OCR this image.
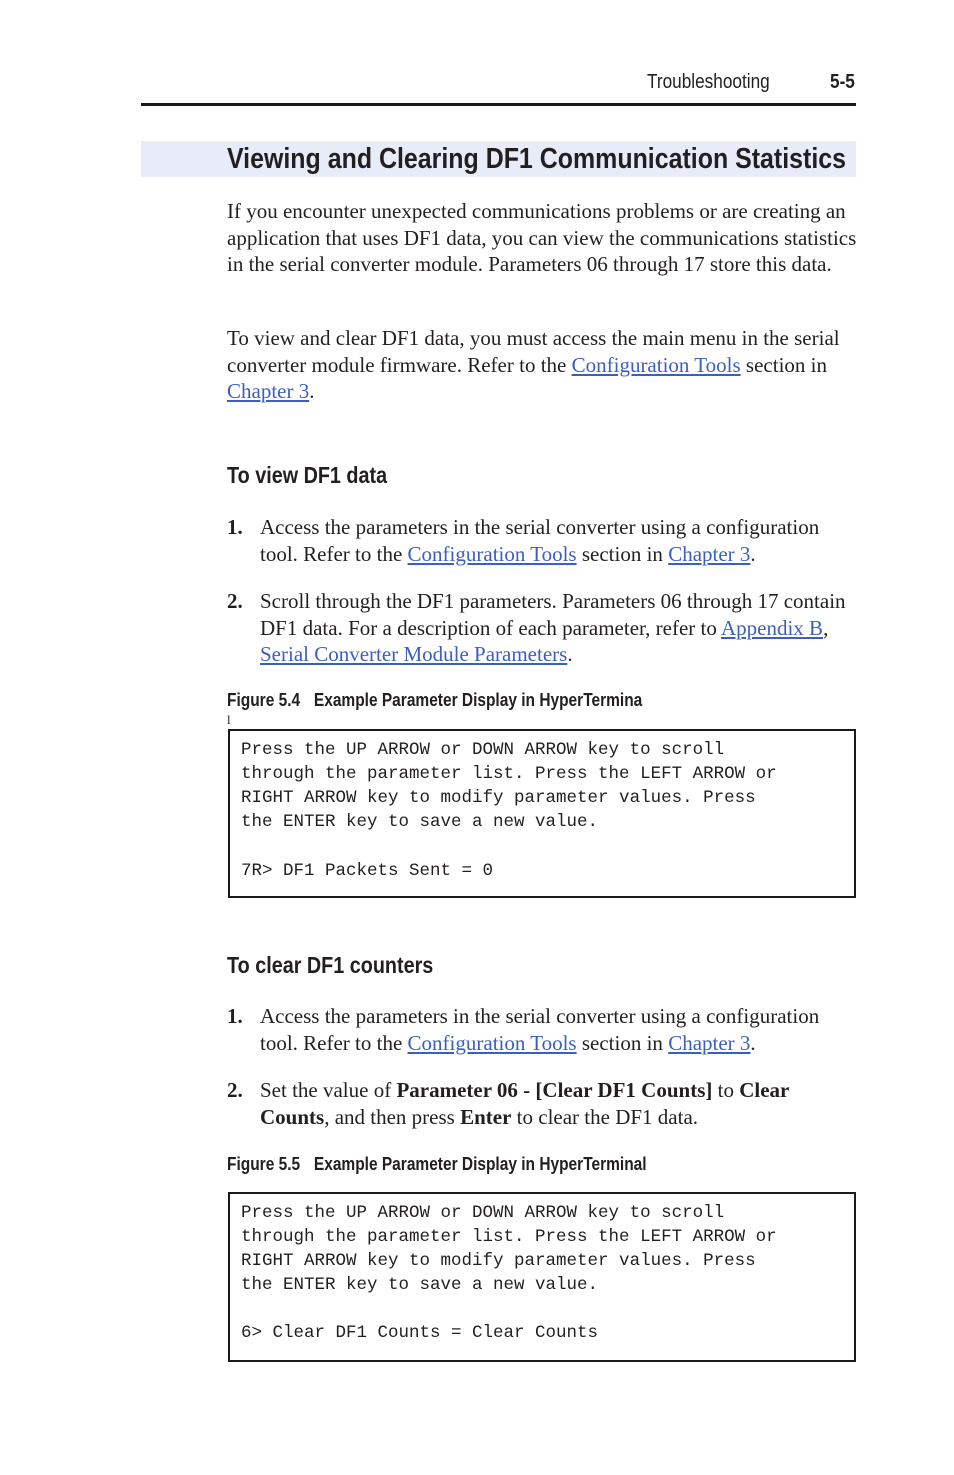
Troubleshooting	5-5
Viewing and Clearing DF1 Communication Statistics

If you encounter unexpected communications problems or are creating an application that uses DF1 data, you can view the communications statistics in the serial converter module. Parameters 06 through 17 store this data.

To view and clear DF1 data, you must access the main menu in the serial converter module firmware. Refer to the Configuration Tools section in Chapter 3.

To view DF1 data
1. Access the parameters in the serial converter using a configuration tool. Refer to the Configuration Tools section in Chapter 3.
2. Scroll through the DF1 parameters. Parameters 06 through 17 contain DF1 data. For a description of each parameter, refer to Appendix B, Serial Converter Module Parameters.
Figure 5.4 Example Parameter Display in HyperTermina
l
Press the UP ARROW or DOWN ARROW key to scroll
through the parameter list. Press the LEFT ARROW or
RIGHT ARROW key to modify parameter values. Press
the ENTER key to save a new value.
7R> DF1 Packets Sent = 0
To clear DF1 counters
1. Access the parameters in the serial converter using a configuration tool. Refer to the Configuration Tools section in Chapter 3.
2. Set the value of Parameter 06 - [Clear DF1 Counts] to Clear Counts, and then press Enter to clear the DF1 data.
Figure 5.5 Example Parameter Display in HyperTerminal
Press the UP ARROW or DOWN ARROW key to scroll
through the parameter list. Press the LEFT ARROW or
RIGHT ARROW key to modify parameter values. Press
the ENTER key to save a new value.
6> Clear DF1 Counts = Clear Counts
